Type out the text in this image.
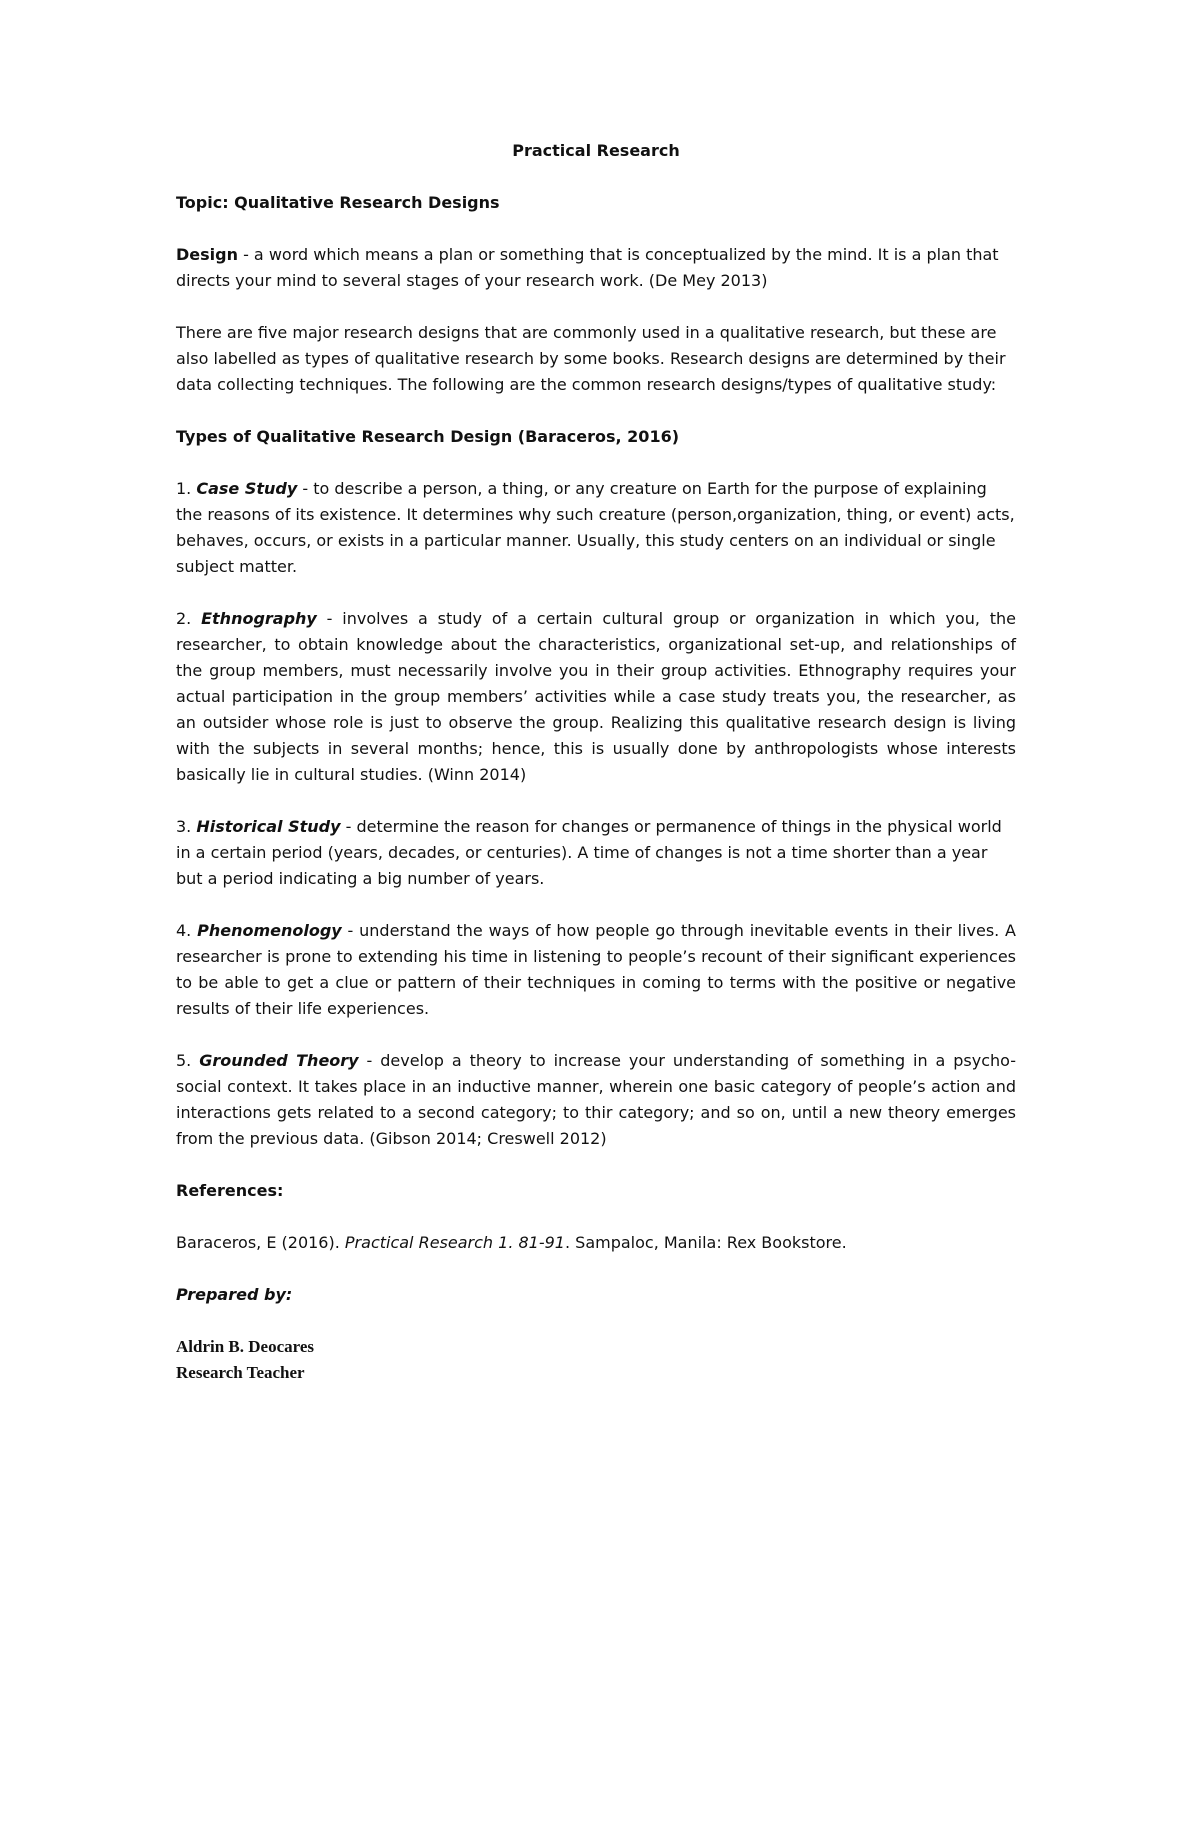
Practical Research
Topic: Qualitative Research Designs

Design - a word which means a plan or something that is conceptualized by the mind. It is a plan that directs your mind to several stages of your research work. (De Mey 2013)

There are five major research designs that are commonly used in a qualitative research, but these are also labelled as types of qualitative research by some books. Research designs are determined by their data collecting techniques. The following are the common research designs/types of qualitative study:

Types of Qualitative Research Design (Baraceros, 2016)

1. Case Study - to describe a person, a thing, or any creature on Earth for the purpose of explaining the reasons of its existence. It determines why such creature (person,organization, thing, or event) acts, behaves, occurs, or exists in a particular manner. Usually, this study centers on an individual or single subject matter.

2. Ethnography - involves a study of a certain cultural group or organization in which you, the researcher, to obtain knowledge about the characteristics, organizational set-up, and relationships of the group members, must necessarily involve you in their group activities. Ethnography requires your actual participation in the group members’ activities while a case study treats you, the researcher, as an outsider whose role is just to observe the group. Realizing this qualitative research design is living with the subjects in several months; hence, this is usually done by anthropologists whose interests basically lie in cultural studies. (Winn 2014)

3. Historical Study - determine the reason for changes or permanence of things in the physical world in a certain period (years, decades, or centuries). A time of changes is not a time shorter than a year but a period indicating a big number of years.

4. Phenomenology - understand the ways of how people go through inevitable events in their lives. A researcher is prone to extending his time in listening to people’s recount of their significant experiences to be able to get a clue or pattern of their techniques in coming to terms with the positive or negative results of their life experiences.

5. Grounded Theory - develop a theory to increase your understanding of something in a psycho-social context. It takes place in an inductive manner, wherein one basic category of people’s action and interactions gets related to a second category; to thir category; and so on, until a new theory emerges from the previous data. (Gibson 2014; Creswell 2012)

References:

Baraceros, E (2016). Practical Research 1. 81-91. Sampaloc, Manila: Rex Bookstore.

Prepared by:

Aldrin B. Deocares
Research Teacher
